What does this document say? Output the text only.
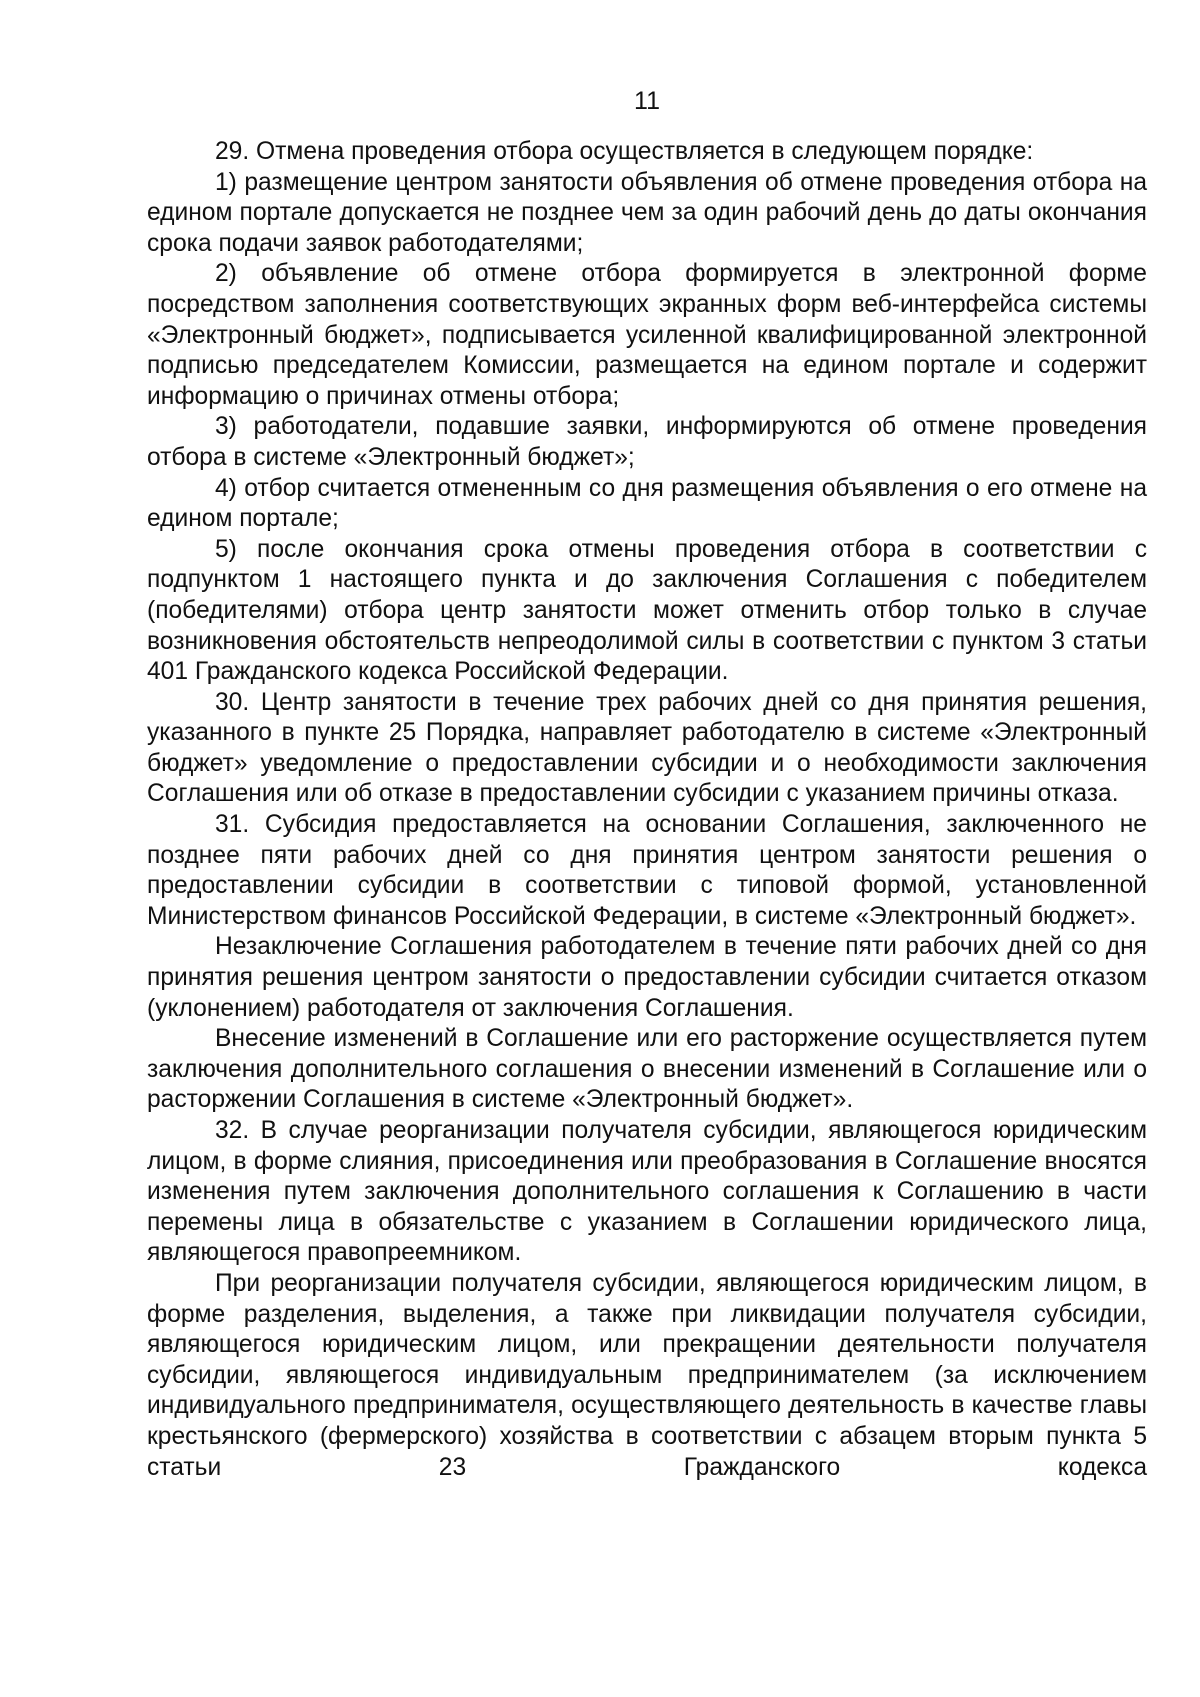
11

29. Отмена проведения отбора осуществляется в следующем порядке:

1) размещение центром занятости объявления об отмене проведения отбора на едином портале допускается не позднее чем за один рабочий день до даты окончания срока подачи заявок работодателями;

2) объявление об отмене отбора формируется в электронной форме посредством заполнения соответствующих экранных форм веб-интерфейса системы «Электронный бюджет», подписывается усиленной квалифицированной электронной подписью председателем Комиссии, размещается на едином портале и содержит информацию о причинах отмены отбора;

3) работодатели, подавшие заявки, информируются об отмене проведения отбора в системе «Электронный бюджет»;

4) отбор считается отмененным со дня размещения объявления о его отмене на едином портале;

5) после окончания срока отмены проведения отбора в соответствии с подпунктом 1 настоящего пункта и до заключения Соглашения с победителем (победителями) отбора центр занятости может отменить отбор только в случае возникновения обстоятельств непреодолимой силы в соответствии с пунктом 3 статьи 401 Гражданского кодекса Российской Федерации.

30. Центр занятости в течение трех рабочих дней со дня принятия решения, указанного в пункте 25 Порядка, направляет работодателю в системе «Электронный бюджет» уведомление о предоставлении субсидии и о необходимости заключения Соглашения или об отказе в предоставлении субсидии с указанием причины отказа.

31. Субсидия предоставляется на основании Соглашения, заключенного не позднее пяти рабочих дней со дня принятия центром занятости решения о предоставлении субсидии в соответствии с типовой формой, установленной Министерством финансов Российской Федерации, в системе «Электронный бюджет».

Незаключение Соглашения работодателем в течение пяти рабочих дней со дня принятия решения центром занятости о предоставлении субсидии считается отказом (уклонением) работодателя от заключения Соглашения.

Внесение изменений в Соглашение или его расторжение осуществляется путем заключения дополнительного соглашения о внесении изменений в Соглашение или о расторжении Соглашения в системе «Электронный бюджет».

32. В случае реорганизации получателя субсидии, являющегося юридическим лицом, в форме слияния, присоединения или преобразования в Соглашение вносятся изменения путем заключения дополнительного соглашения к Соглашению в части перемены лица в обязательстве с указанием в Соглашении юридического лица, являющегося правопреемником.

При реорганизации получателя субсидии, являющегося юридическим лицом, в форме разделения, выделения, а также при ликвидации получателя субсидии, являющегося юридическим лицом, или прекращении деятельности получателя субсидии, являющегося индивидуальным предпринимателем (за исключением индивидуального предпринимателя, осуществляющего деятельность в качестве главы крестьянского (фермерского) хозяйства в соответствии с абзацем вторым пункта 5 статьи 23 Гражданского кодекса
